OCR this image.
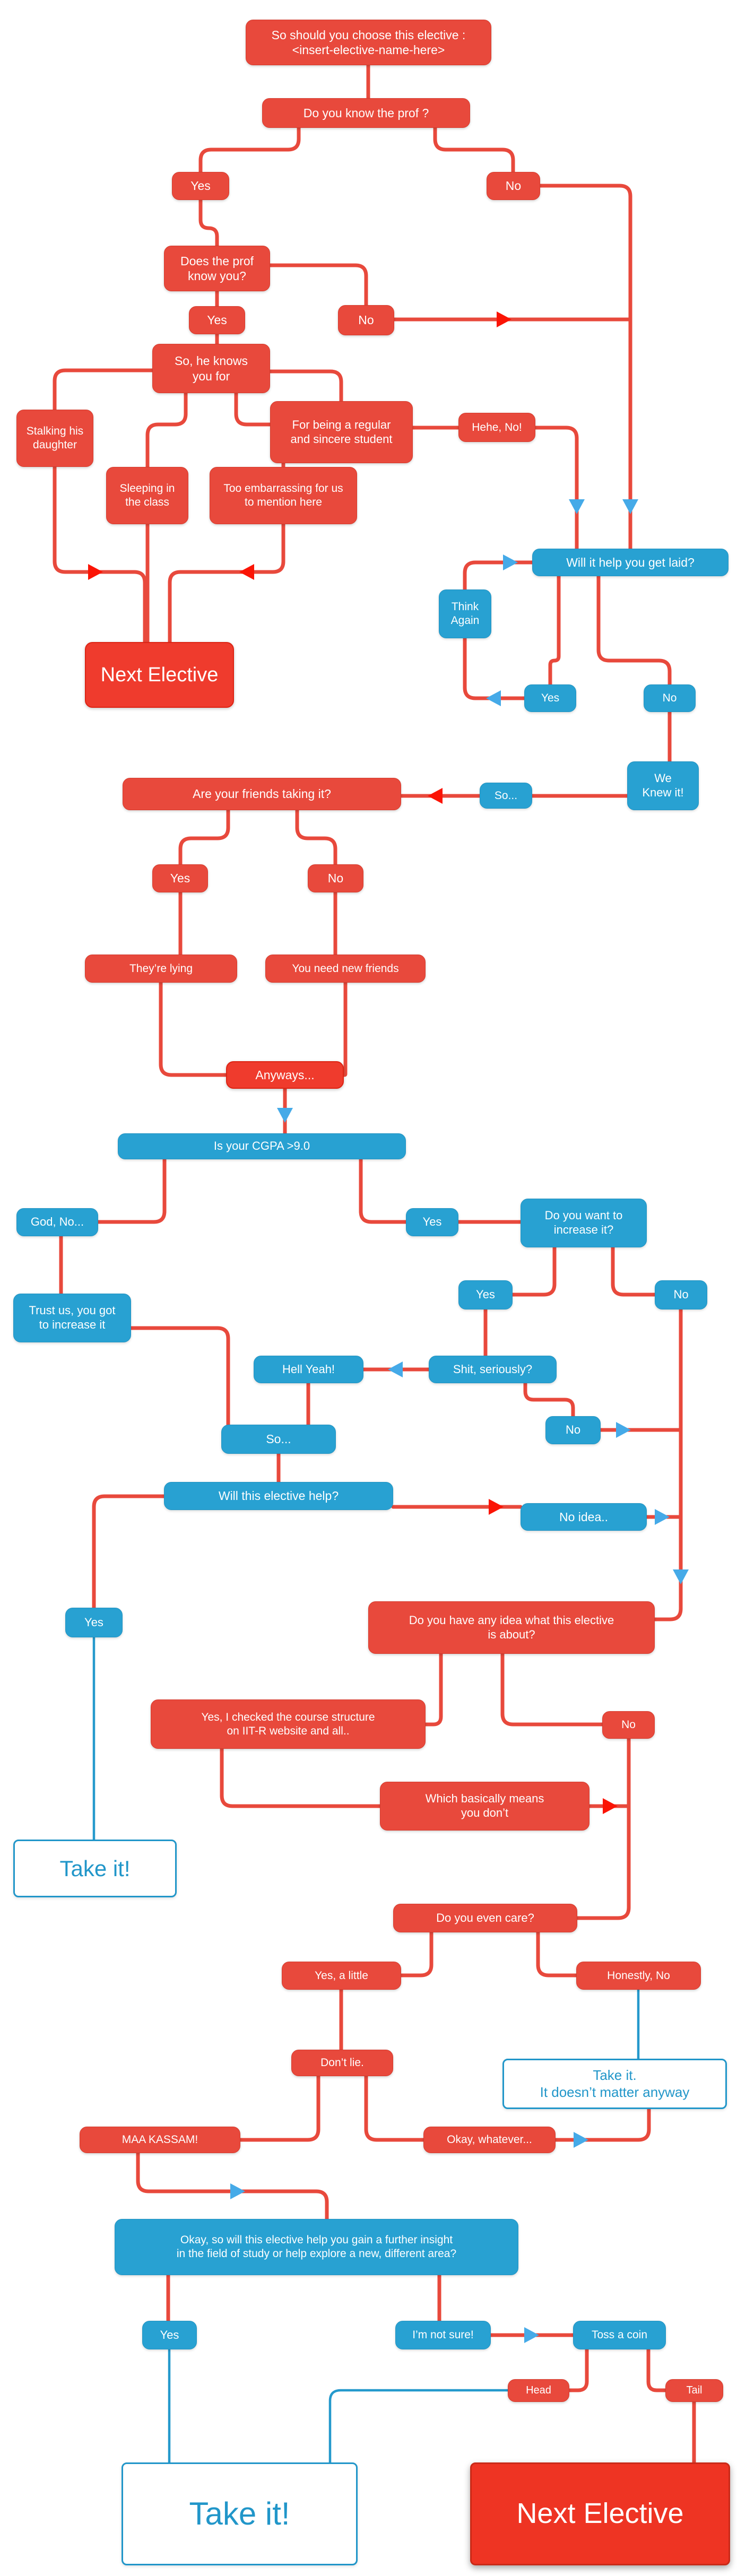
So should you choose this elective :
<insert-elective-name-here>
Do you know the prof ?
Yes	No
Does the prof
know you?
Yes	No
So, he knows
you for
Stalking his
daughter
For being a regular
and sincere student
Sleeping in
the class
Too embarrassing for us
to mention here
Hehe, No!
Next Elective
Will it help you get laid?
Think
Again
Yes	No
We
Knew it!
So...
Are your friends taking it?
Yes	No
They’re lying	You need new friends
Anyways...
Is your CGPA >9.0
God, No...	Yes	Do you want to
increase it?
Trust us, you got
to increase it
Yes	No
Hell Yeah!	Shit, seriously?
No
So...
Will this elective help?
No idea..
Yes	Do you have any idea what this elective
is about?
Yes, I checked the course structure
on IIT-R website and all..	No
Which basically means
you don’t
Take it!
Do you even care?
Yes, a little	Honestly, No
Don’t lie.
Take it.
It doesn’t matter anyway
MAA KASSAM!	Okay, whatever...
Okay, so will this elective help you gain a further insight
in the field of study or help explore a new, different area?
Yes	I’m not sure!	Toss a coin
Head	Tail
Take it!	Next Elective
